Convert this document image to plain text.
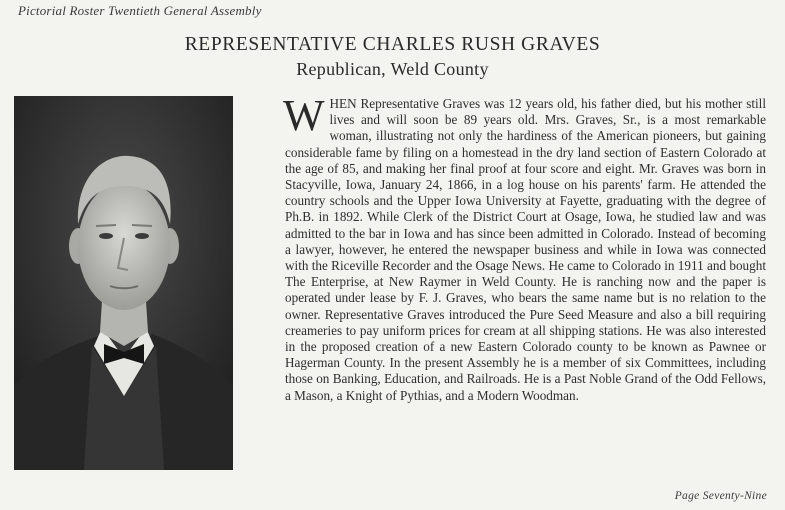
Pictorial Roster Twentieth General Assembly
REPRESENTATIVE CHARLES RUSH GRAVES
Republican, Weld County
WHEN Representative Graves was 12 years old, his father died, but his mother still lives and will soon be 89 years old. Mrs. Graves, Sr., is a most remarkable woman, illustrating not only the hardiness of the American pioneers, but gaining considerable fame by filing on a homestead in the dry land section of Eastern Colorado at the age of 85, and making her final proof at four score and eight. Mr. Graves was born in Stacyville, Iowa, January 24, 1866, in a log house on his parents' farm. He attended the country schools and the Upper Iowa University at Fayette, graduating with the degree of Ph.B. in 1892. While Clerk of the District Court at Osage, Iowa, he studied law and was admitted to the bar in Iowa and has since been admitted in Colorado. Instead of becoming a lawyer, however, he entered the newspaper business and while in Iowa was connected with the Riceville Recorder and the Osage News. He came to Colorado in 1911 and bought The Enterprise, at New Raymer in Weld County. He is ranching now and the paper is operated under lease by F. J. Graves, who bears the same name but is no relation to the owner. Representative Graves introduced the Pure Seed Measure and also a bill requiring creameries to pay uniform prices for cream at all shipping stations. He was also interested in the proposed creation of a new Eastern Colorado county to be known as Pawnee or Hagerman County. In the present Assembly he is a member of six Committees, including those on Banking, Education, and Railroads. He is a Past Noble Grand of the Odd Fellows, a Mason, a Knight of Pythias, and a Modern Woodman.
Page Seventy-Nine
